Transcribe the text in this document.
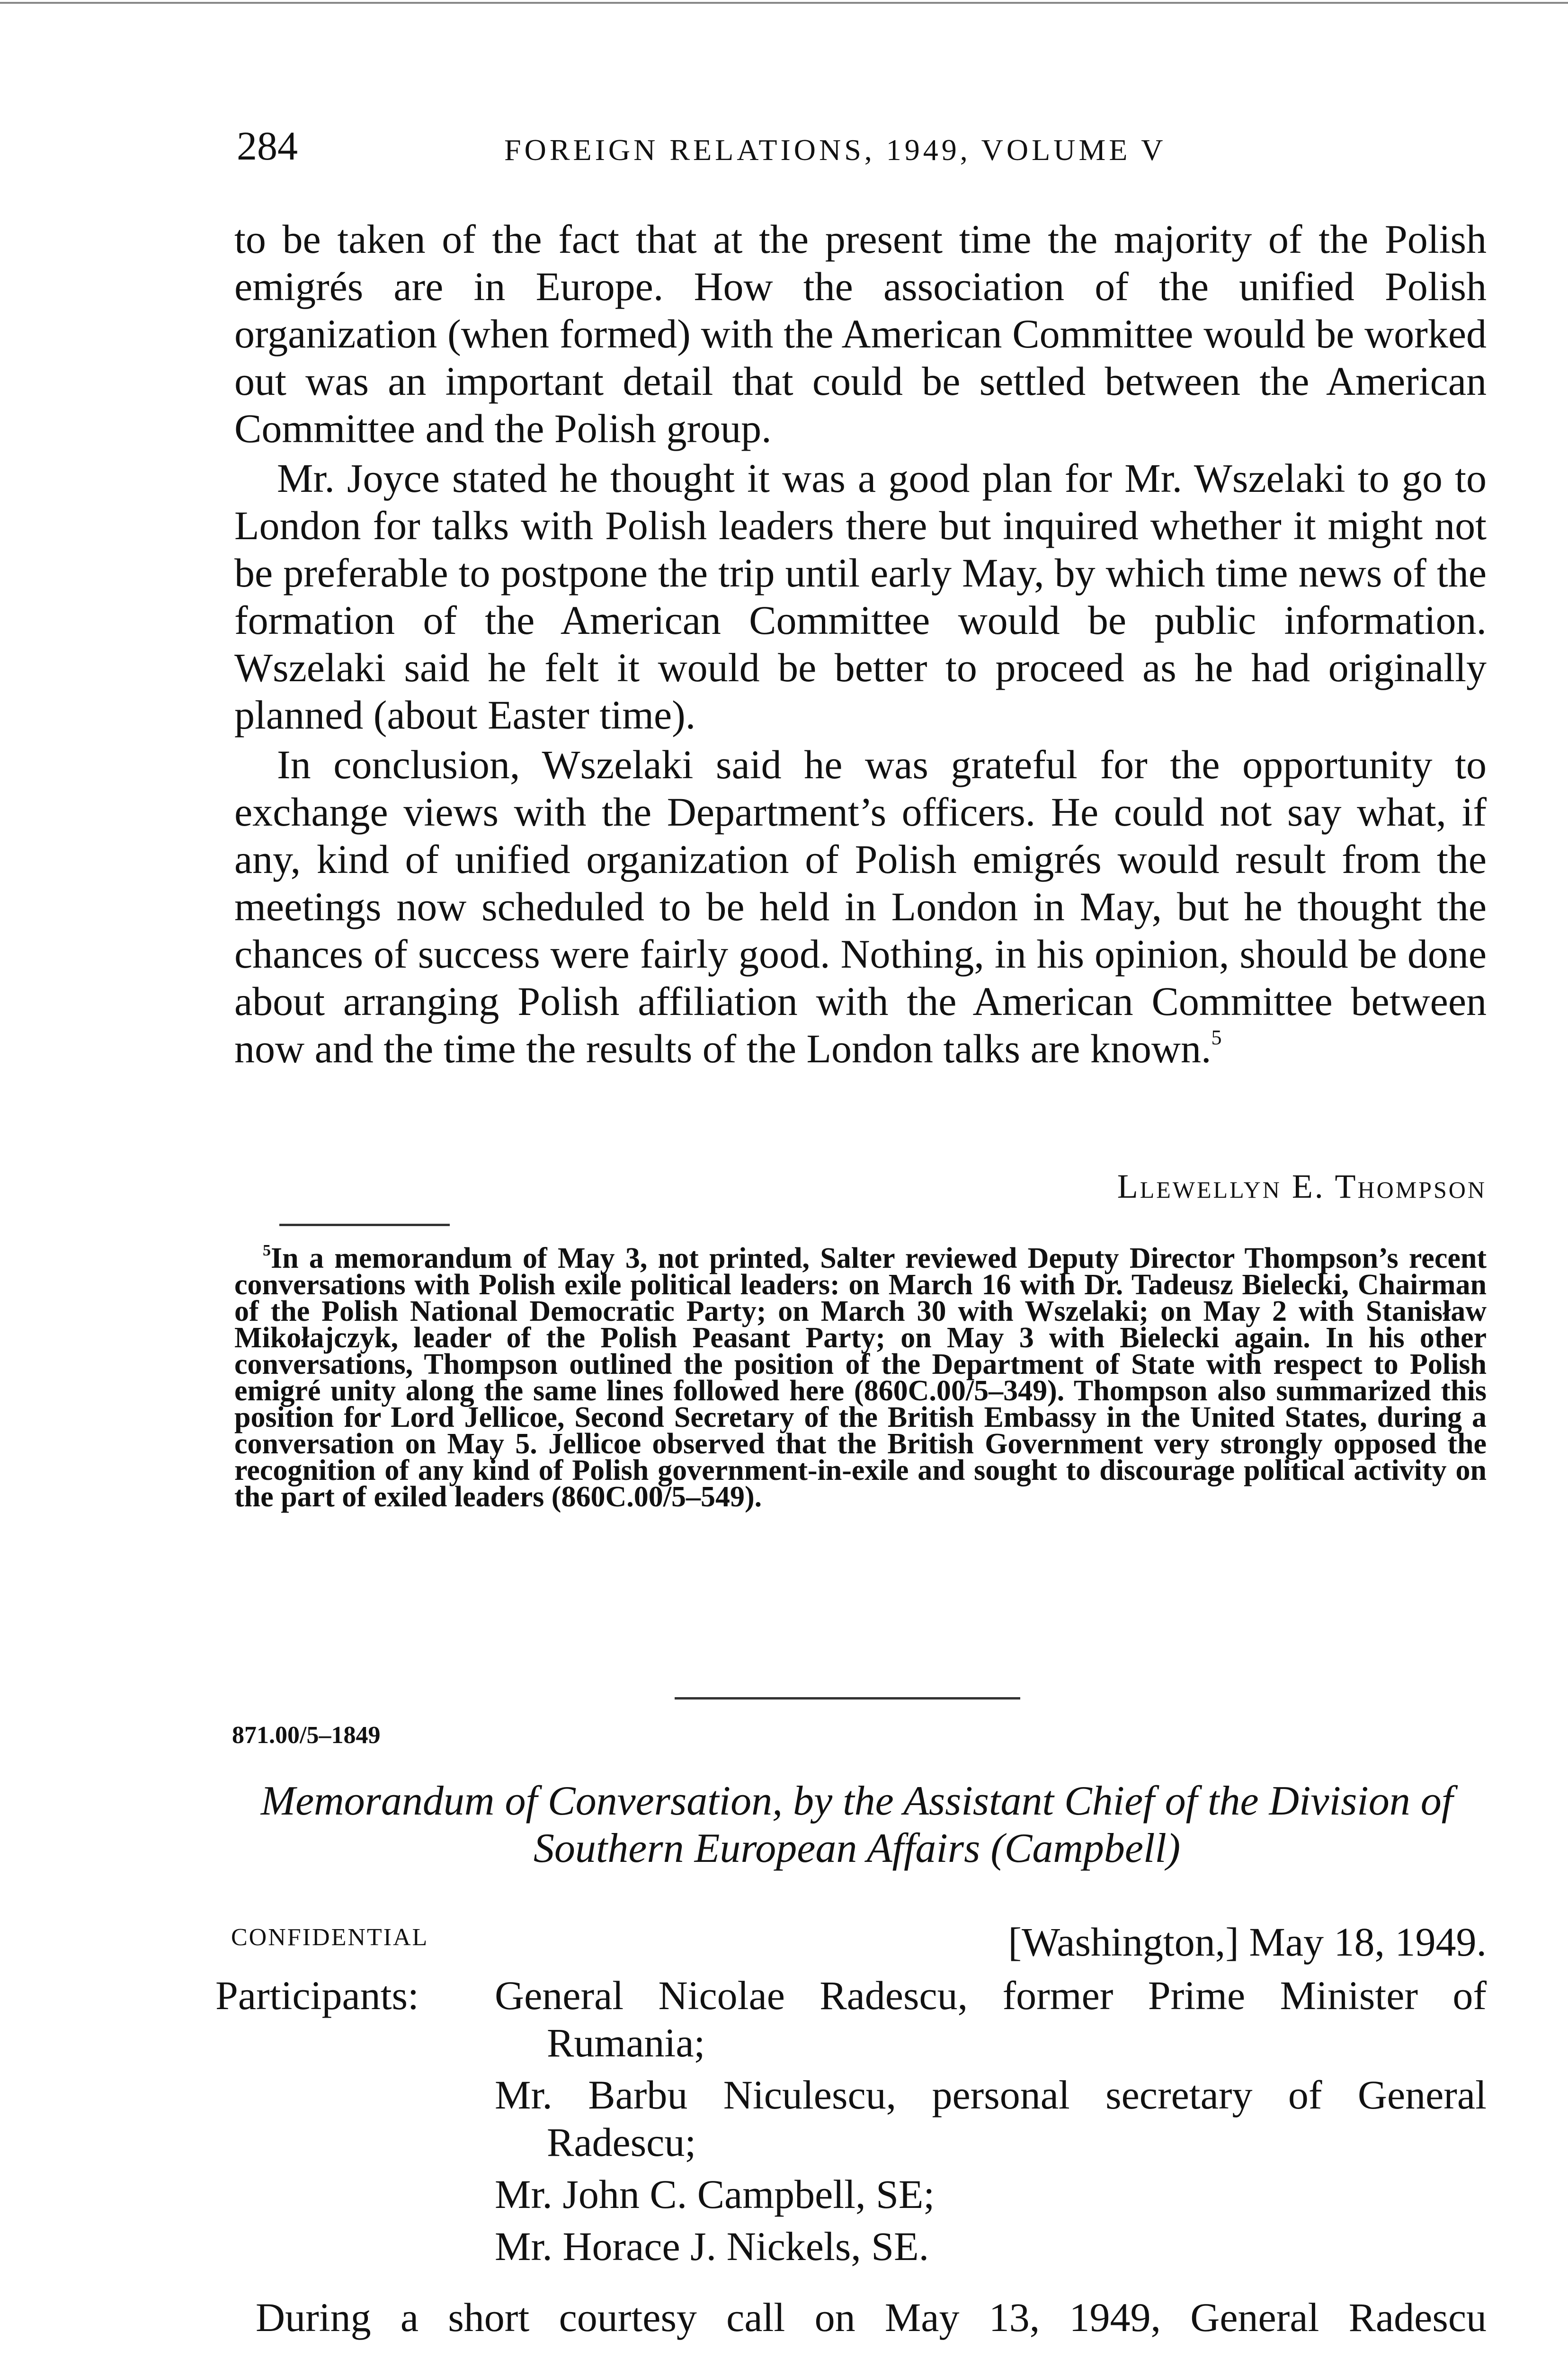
284	FOREIGN RELATIONS, 1949, VOLUME V

to be taken of the fact that at the present time the majority of the Polish emigrés are in Europe. How the association of the unified Polish organization (when formed) with the American Committee would be worked out was an important detail that could be settled between the American Committee and the Polish group.

Mr. Joyce stated he thought it was a good plan for Mr. Wszelaki to go to London for talks with Polish leaders there but inquired whether it might not be preferable to postpone the trip until early May, by which time news of the formation of the American Committee would be public information. Wszelaki said he felt it would be better to proceed as he had originally planned (about Easter time).

In conclusion, Wszelaki said he was grateful for the opportunity to exchange views with the Department’s officers. He could not say what, if any, kind of unified organization of Polish emigrés would result from the meetings now scheduled to be held in London in May, but he thought the chances of success were fairly good. Nothing, in his opinion, should be done about arranging Polish affiliation with the American Committee between now and the time the results of the London talks are known.$^5$

Llewellyn E. Thompson

$^5$In a memorandum of May 3, not printed, Salter reviewed Deputy Director Thompson’s recent conversations with Polish exile political leaders: on March 16 with Dr. Tadeusz Bielecki, Chairman of the Polish National Democratic Party; on March 30 with Wszelaki; on May 2 with Stanisław Mikołajczyk, leader of the Polish Peasant Party; on May 3 with Bielecki again. In his other conversations, Thompson outlined the position of the Department of State with respect to Polish emigré unity along the same lines followed here (860C.00/5–349). Thompson also summarized this position for Lord Jellicoe, Second Secretary of the British Embassy in the United States, during a conversation on May 5. Jellicoe observed that the British Government very strongly opposed the recognition of any kind of Polish government-in-exile and sought to discourage political activity on the part of exiled leaders (860C.00/5–549).

871.00/5–1849
Memorandum of Conversation, by the Assistant Chief of the Division of Southern European Affairs (Campbell)
CONFIDENTIAL	[Washington,] May 18, 1949.
Participants: General Nicolae Radescu, former Prime Minister of Rumania;
Mr. Barbu Niculescu, personal secretary of General Radescu;
Mr. John C. Campbell, SE;
Mr. Horace J. Nickels, SE.
During a short courtesy call on May 13, 1949, General Radescu
